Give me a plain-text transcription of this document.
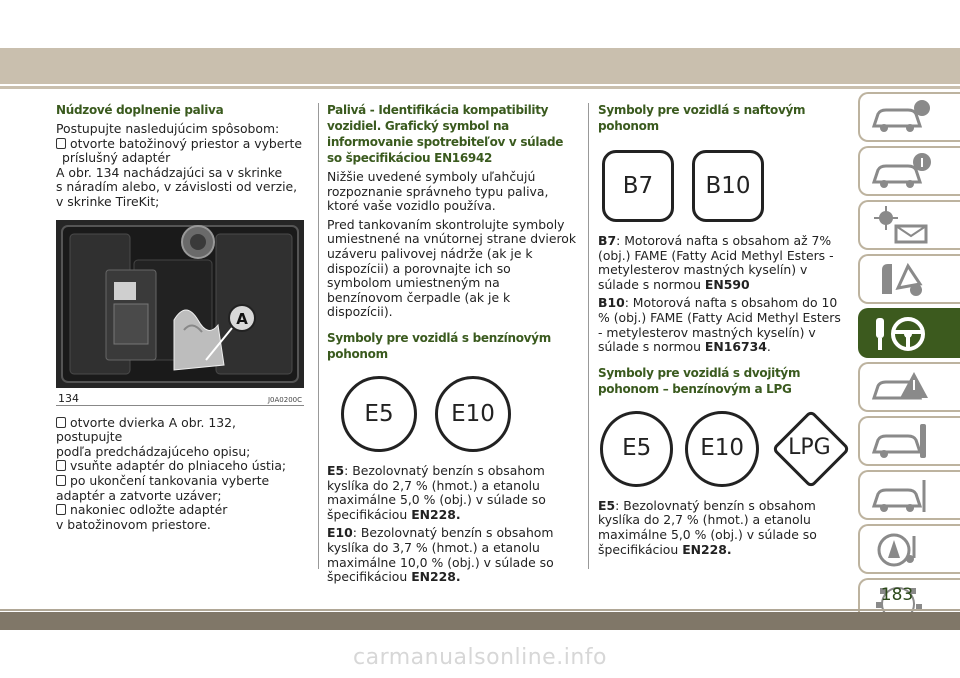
Núdzové doplnenie paliva
Postupujte nasledujúcim spôsobom:
otvorte batožinový priestor a vyberte
príslušný adaptér
A obr. 134 nachádzajúci sa v skrinke
s náradím alebo, v závislosti od verzie,
v skrinke TireKit;
A
134	J0A0200C
otvorte dvierka A obr. 132, postupujte
podľa predchádzajúceho opisu;
vsuňte adaptér do plniaceho ústia;
po ukončení tankovania vyberte
adaptér a zatvorte uzáver;
nakoniec odložte adaptér
v batožinovom priestore.
Palivá - Identifikácia kompatibility vozidiel. Grafický symbol na informovanie spotrebiteľov v súlade so špecifikáciou EN16942
Nižšie uvedené symboly uľahčujú rozpoznanie správneho typu paliva, ktoré vaše vozidlo používa.
Pred tankovaním skontrolujte symboly umiestnené na vnútornej strane dvierok uzáveru palivovej nádrže (ak je k dispozícii) a porovnajte ich so symbolom umiestneným na benzínovom čerpadle (ak je k dispozícii).
Symboly pre vozidlá s benzínovým pohonom
E5	E10
E5: Bezolovnatý benzín s obsahom kyslíka do 2,7 % (hmot.) a etanolu maximálne 5,0 % (obj.) v súlade so špecifikáciou EN228.
E10: Bezolovnatý benzín s obsahom kyslíka do 3,7 % (hmot.) a etanolu maximálne 10,0 % (obj.) v súlade so špecifikáciou EN228.
Symboly pre vozidlá s naftovým pohonom
B7	B10
B7: Motorová nafta s obsahom až 7% (obj.) FAME (Fatty Acid Methyl Esters - metylesterov mastných kyselín) v súlade s normou EN590
B10: Motorová nafta s obsahom do 10 % (obj.) FAME (Fatty Acid Methyl Esters - metylesterov mastných kyselín) v súlade s normou EN16734.
Symboly pre vozidlá s dvojitým pohonom – benzínovým a LPG
E5	E10	LPG
E5: Bezolovnatý benzín s obsahom kyslíka do 2,7 % (hmot.) a etanolu maximálne 5,0 % (obj.) v súlade so špecifikáciou EN228.
183
carmanualsonline.info
